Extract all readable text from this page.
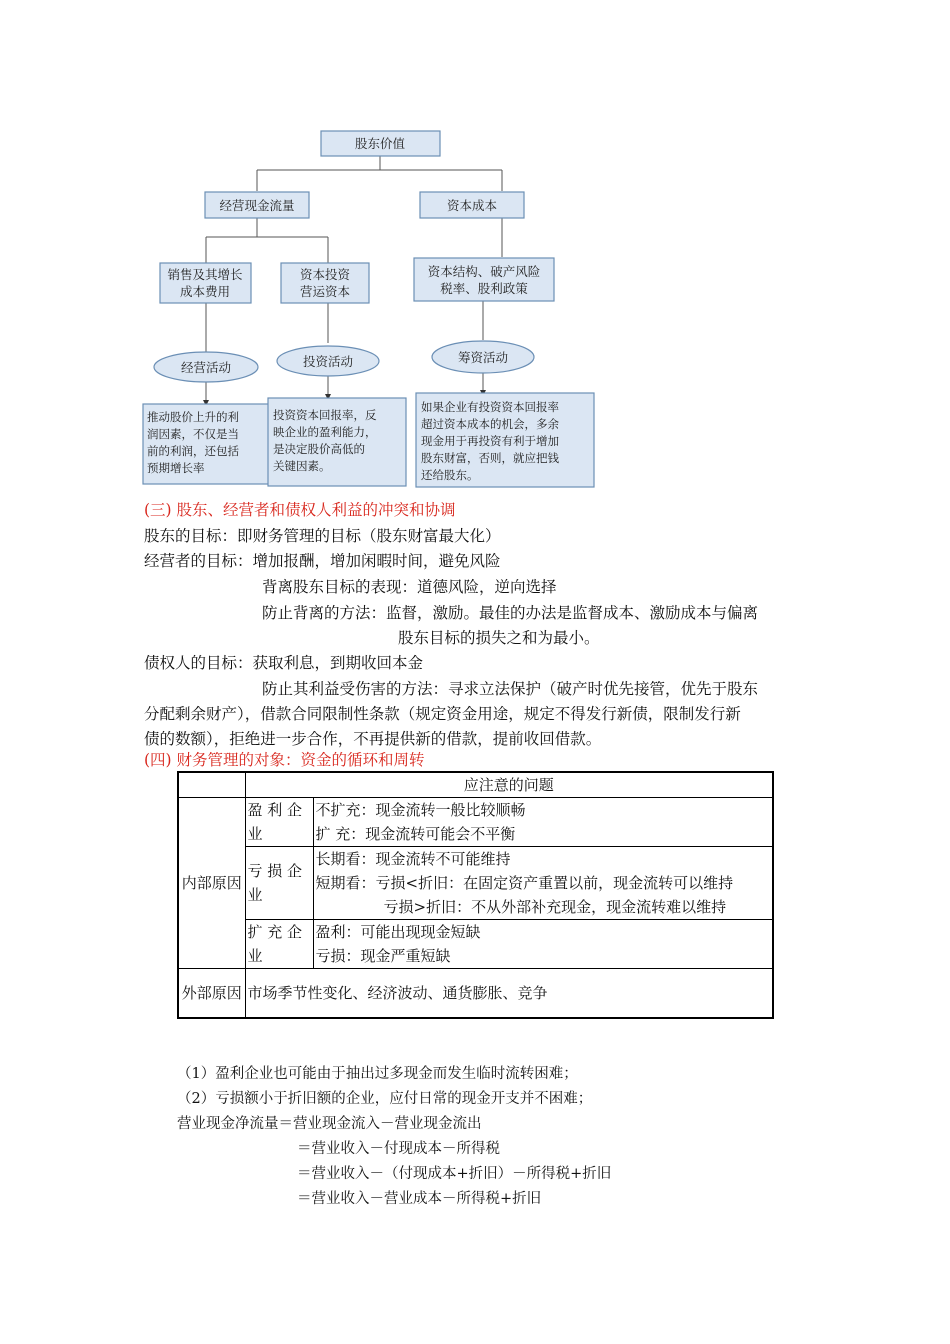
股东价值
经营现金流量	资本成本
销售及其增长
成本费用
资本投资
营运资本
资本结构、破产风险
税率、股利政策
经营活动	投资活动	筹资活动
推动股价上升的利
润因素，不仅是当
前的利润，还包括
预期增长率
投资资本回报率，反
映企业的盈利能力，
是决定股价高低的
关键因素。
如果企业有投资资本回报率
超过资本成本的机会，多余
现金用于再投资有利于增加
股东财富，否则，就应把钱
还给股东。
(三) 股东、经营者和债权人利益的冲突和协调
股东的目标：即财务管理的目标（股东财富最大化）
经营者的目标：增加报酬，增加闲暇时间，避免风险
背离股东目标的表现：道德风险，逆向选择
防止背离的方法：监督，激励。最佳的办法是监督成本、激励成本与偏离
股东目标的损失之和为最小。
债权人的目标：获取利息，到期收回本金
防止其利益受伤害的方法：寻求立法保护（破产时优先接管，优先于股东
分配剩余财产），借款合同限制性条款（规定资金用途，规定不得发行新债，限制发行新
债的数额），拒绝进一步合作，不再提供新的借款，提前收回借款。
(四) 财务管理的对象：资金的循环和周转
	应注意的问题	
内部原因	盈 利 企 业	不扩充：现金流转一般比较顺畅
扩 充：现金流转可能会不平衡

	亏 损 企 业	长期看：现金流转不可能维持
短期看：亏损<折旧：在固定资产重置以前，现金流转可以维持
亏损>折旧：不从外部补充现金，现金流转难以维持

	扩 充 企 业	盈利：可能出现现金短缺
亏损：现金严重短缺

外部原因	市场季节性变化、经济波动、通货膨胀、竞争	
（1）盈利企业也可能由于抽出过多现金而发生临时流转困难；
（2）亏损额小于折旧额的企业，应付日常的现金开支并不困难；
营业现金净流量＝营业现金流入－营业现金流出
＝营业收入－付现成本－所得税
＝营业收入－（付现成本+折旧）－所得税+折旧
＝营业收入－营业成本－所得税+折旧
